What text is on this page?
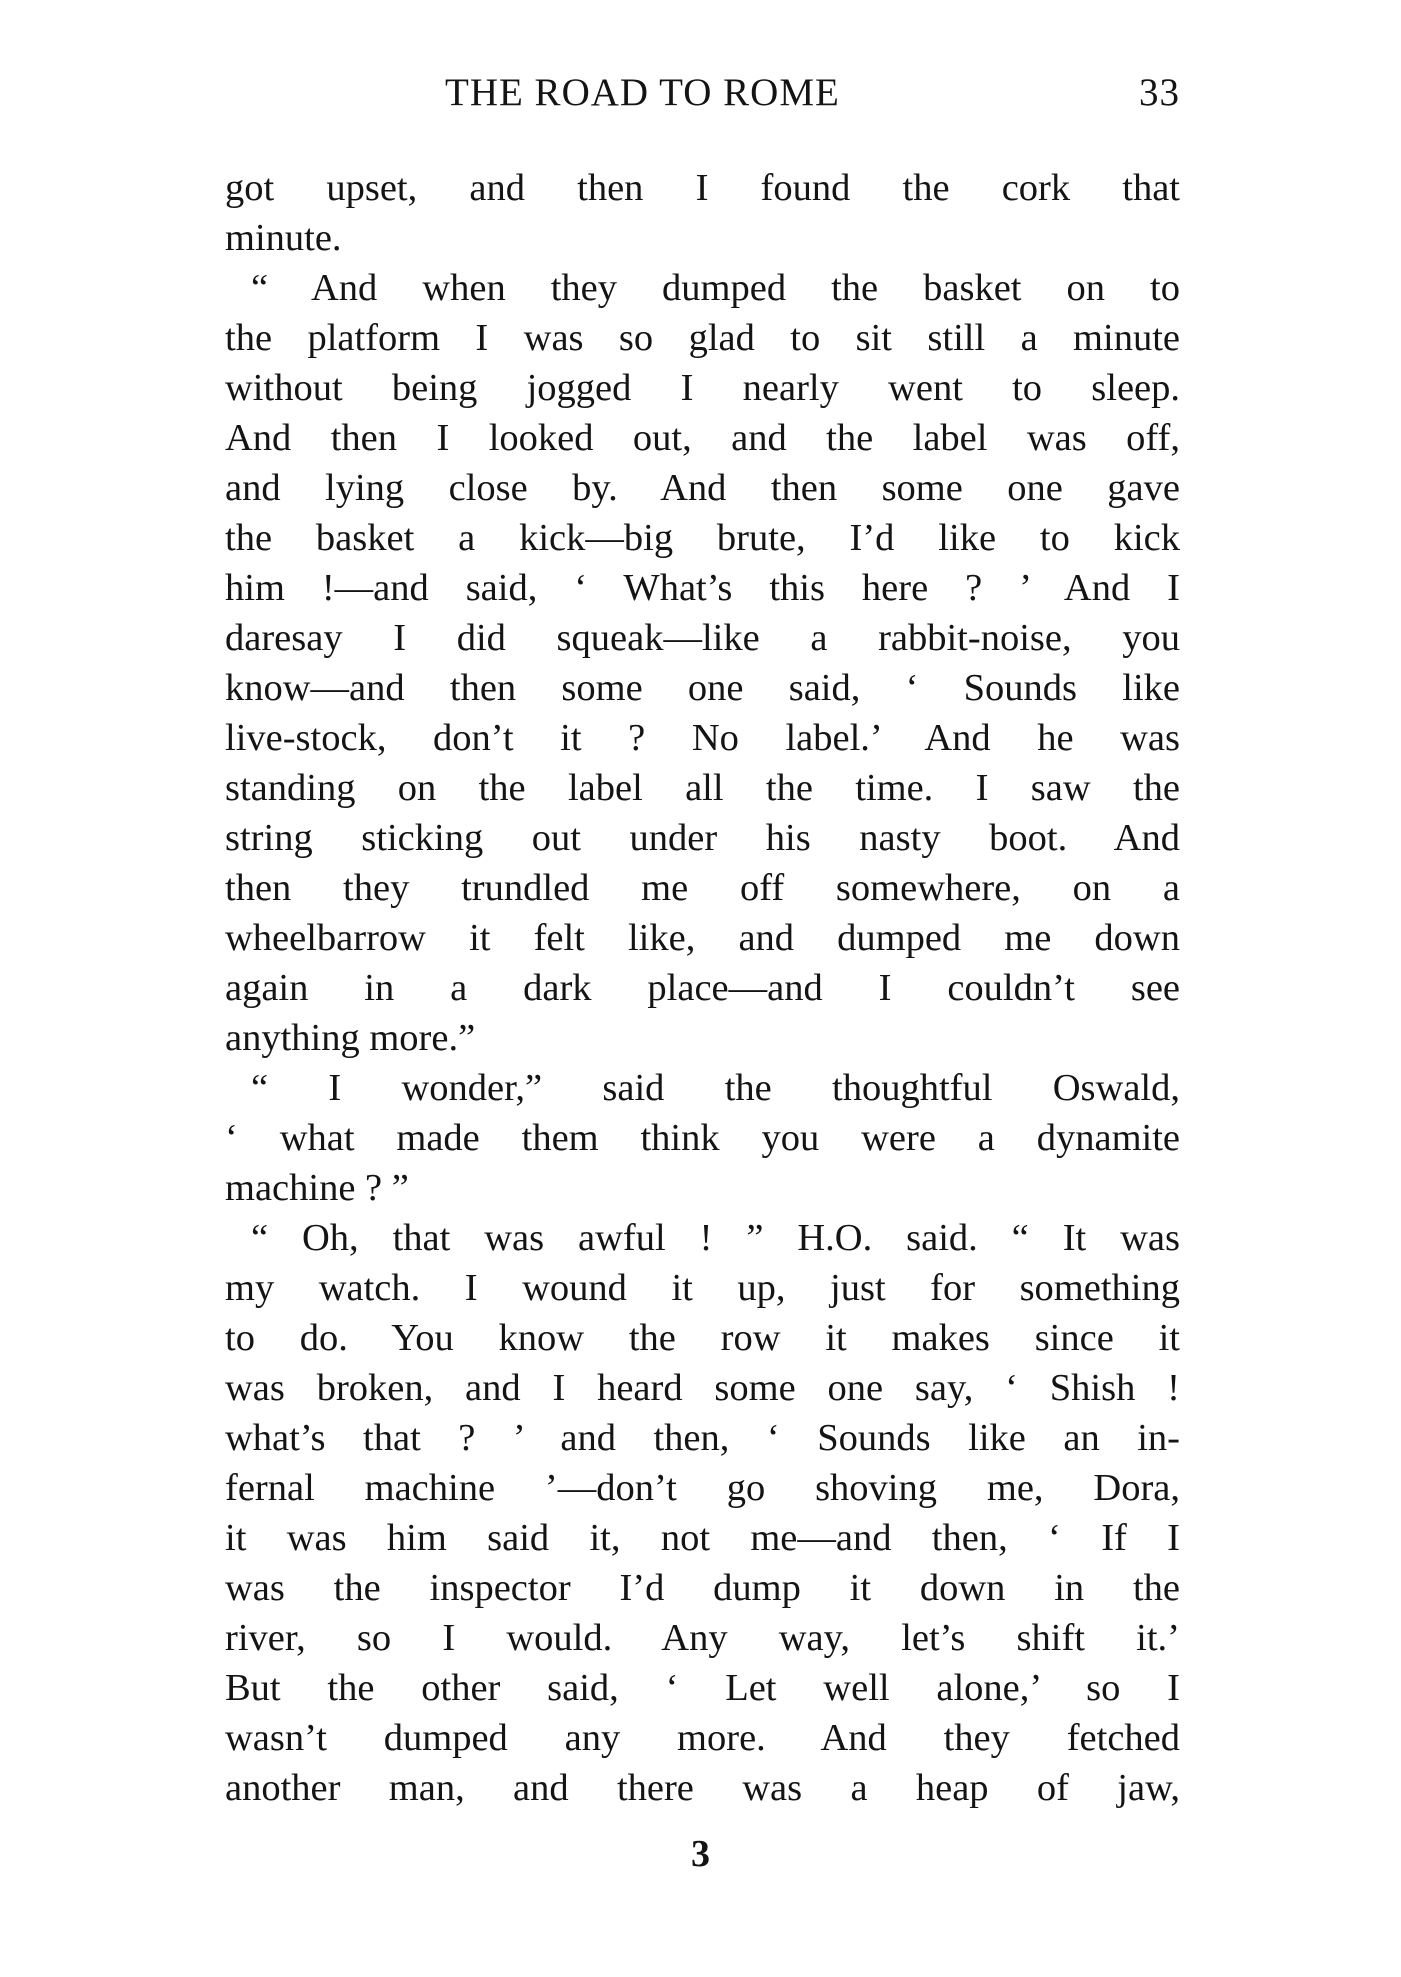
THE ROAD TO ROME	33
got upset, and then I found the cork that
minute.
“ And when they dumped the basket on to
the platform I was so glad to sit still a minute
without being jogged I nearly went to sleep.
And then I looked out, and the label was off,
and lying close by. And then some one gave
the basket a kick—big brute, I’d like to kick
him !—and said, ‘ What’s this here ? ’ And I
daresay I did squeak—like a rabbit-noise, you
know—and then some one said, ‘ Sounds like
live-stock, don’t it ? No label.’ And he was
standing on the label all the time. I saw the
string sticking out under his nasty boot. And
then they trundled me off somewhere, on a
wheelbarrow it felt like, and dumped me down
again in a dark place—and I couldn’t see
anything more.”
“ I wonder,” said the thoughtful Oswald,
‘ what made them think you were a dynamite
machine ? ”
“ Oh, that was awful ! ” H.O. said. “ It was
my watch. I wound it up, just for something
to do. You know the row it makes since it
was broken, and I heard some one say, ‘ Shish !
what’s that ? ’ and then, ‘ Sounds like an in-
fernal machine ’—don’t go shoving me, Dora,
it was him said it, not me—and then, ‘ If I
was the inspector I’d dump it down in the
river, so I would. Any way, let’s shift it.’
But the other said, ‘ Let well alone,’ so I
wasn’t dumped any more. And they fetched
another man, and there was a heap of jaw,
3
